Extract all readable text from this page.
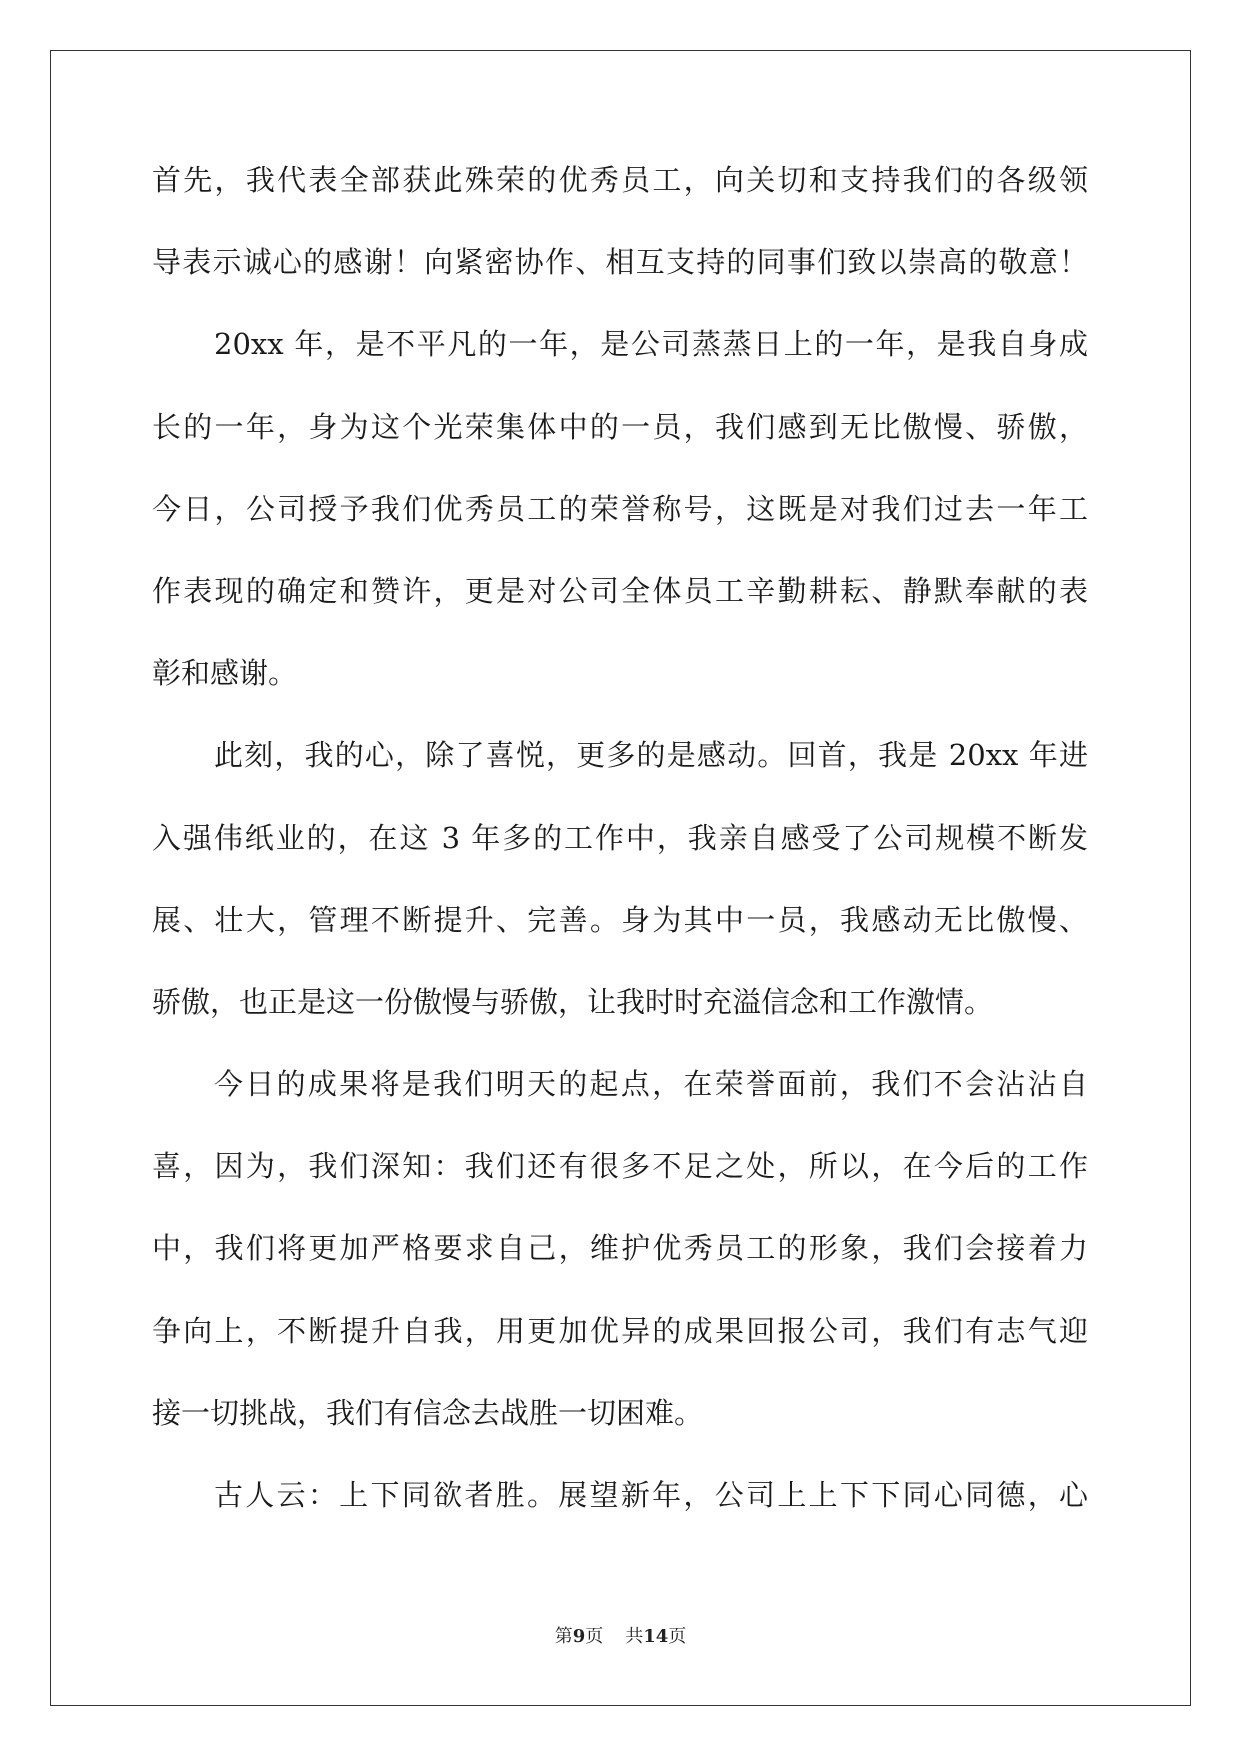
首先，我代表全部获此殊荣的优秀员工，向关切和支持我们的各级领
导表示诚心的感谢！向紧密协作、相互支持的同事们致以崇高的敬意！
20xx 年，是不平凡的一年，是公司蒸蒸日上的一年，是我自身成
长的一年，身为这个光荣集体中的一员，我们感到无比傲慢、骄傲，
今日，公司授予我们优秀员工的荣誉称号，这既是对我们过去一年工
作表现的确定和赞许，更是对公司全体员工辛勤耕耘、静默奉献的表
彰和感谢。
此刻，我的心，除了喜悦，更多的是感动。回首，我是 20xx 年进
入强伟纸业的，在这 3 年多的工作中，我亲自感受了公司规模不断发
展、壮大，管理不断提升、完善。身为其中一员，我感动无比傲慢、
骄傲，也正是这一份傲慢与骄傲，让我时时充溢信念和工作激情。
今日的成果将是我们明天的起点，在荣誉面前，我们不会沾沾自
喜，因为，我们深知：我们还有很多不足之处，所以，在今后的工作
中，我们将更加严格要求自己，维护优秀员工的形象，我们会接着力
争向上，不断提升自我，用更加优异的成果回报公司，我们有志气迎
接一切挑战，我们有信念去战胜一切困难。
古人云：上下同欲者胜。展望新年，公司上上下下同心同德，心
第9页 共14页
